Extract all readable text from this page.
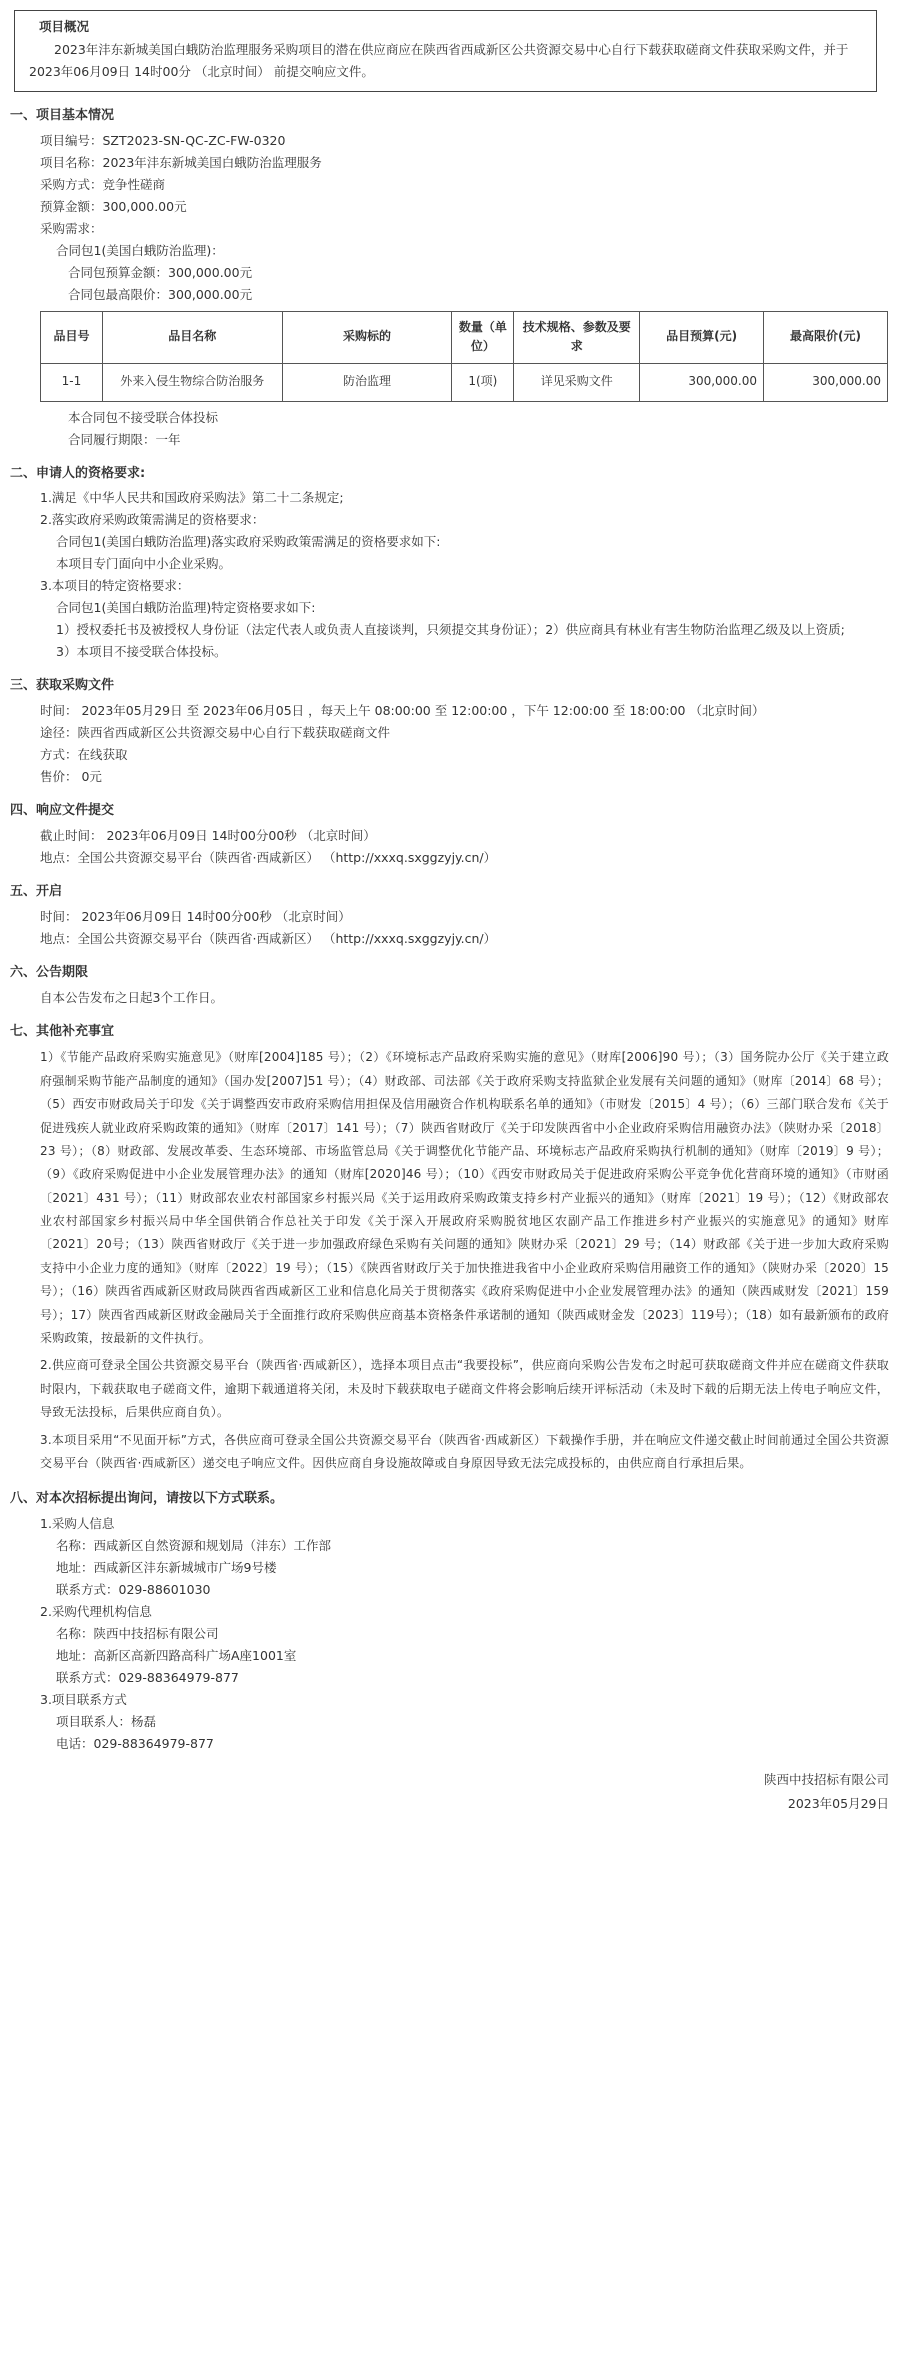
项目概况
2023年沣东新城美国白蛾防治监理服务采购项目的潜在供应商应在陕西省西咸新区公共资源交易中心自行下载获取磋商文件获取采购文件，并于 2023年06月09日 14时00分 （北京时间） 前提交响应文件。
一、项目基本情况
项目编号：SZT2023-SN-QC-ZC-FW-0320
项目名称：2023年沣东新城美国白蛾防治监理服务
采购方式：竞争性磋商
预算金额：300,000.00元
采购需求：
合同包1(美国白蛾防治监理)：
合同包预算金额：300,000.00元
合同包最高限价：300,000.00元
品目号	品目名称	采购标的	数量（单位）	技术规格、参数及要求	品目预算(元)	最高限价(元)
1-1	外来入侵生物综合防治服务	防治监理	1(项)	详见采购文件	300,000.00	300,000.00
本合同包不接受联合体投标
合同履行期限：一年
二、申请人的资格要求:
1.满足《中华人民共和国政府采购法》第二十二条规定;
2.落实政府采购政策需满足的资格要求：
合同包1(美国白蛾防治监理)落实政府采购政策需满足的资格要求如下:
本项目专门面向中小企业采购。
3.本项目的特定资格要求：
合同包1(美国白蛾防治监理)特定资格要求如下:
1）授权委托书及被授权人身份证（法定代表人或负责人直接谈判，只须提交其身份证）；2）供应商具有林业有害生物防治监理乙级及以上资质;
3）本项目不接受联合体投标。
三、获取采购文件
时间： 2023年05月29日 至 2023年06月05日 ，每天上午 08:00:00 至 12:00:00 ，下午 12:00:00 至 18:00:00 （北京时间）
途径：陕西省西咸新区公共资源交易中心自行下载获取磋商文件
方式：在线获取
售价： 0元
四、响应文件提交
截止时间： 2023年06月09日 14时00分00秒 （北京时间）
地点：全国公共资源交易平台（陕西省·西咸新区） （http://xxxq.sxggzyjy.cn/）
五、开启
时间： 2023年06月09日 14时00分00秒 （北京时间）
地点：全国公共资源交易平台（陕西省·西咸新区） （http://xxxq.sxggzyjy.cn/）
六、公告期限
自本公告发布之日起3个工作日。
七、其他补充事宜
1）《节能产品政府采购实施意见》（财库[2004]185 号）；（2）《环境标志产品政府采购实施的意见》（财库[2006]90 号）；（3）国务院办公厅《关于建立政府强制采购节能产品制度的通知》（国办发[2007]51 号）；（4）财政部、司法部《关于政府采购支持监狱企业发展有关问题的通知》（财库〔2014〕68 号）；（5）西安市财政局关于印发《关于调整西安市政府采购信用担保及信用融资合作机构联系名单的通知》（市财发〔2015〕4 号）；（6）三部门联合发布《关于促进残疾人就业政府采购政策的通知》（财库〔2017〕141 号）；（7）陕西省财政厅《关于印发陕西省中小企业政府采购信用融资办法》（陕财办采〔2018〕23 号）；（8）财政部、发展改革委、生态环境部、市场监管总局《关于调整优化节能产品、环境标志产品政府采购执行机制的通知》（财库〔2019〕9 号）；（9）《政府采购促进中小企业发展管理办法》的通知（财库[2020]46 号）；（10）《西安市财政局关于促进政府采购公平竞争优化营商环境的通知》（市财函〔2021〕431 号）；（11）财政部农业农村部国家乡村振兴局《关于运用政府采购政策支持乡村产业振兴的通知》（财库〔2021〕19 号）；（12）《财政部农业农村部国家乡村振兴局中华全国供销合作总社关于印发《关于深入开展政府采购脱贫地区农副产品工作推进乡村产业振兴的实施意见》的通知》财库〔2021〕20号；（13）陕西省财政厅《关于进一步加强政府绿色采购有关问题的通知》陕财办采〔2021〕29 号；（14）财政部《关于进一步加大政府采购支持中小企业力度的通知》（财库〔2022〕19 号）；（15）《陕西省财政厅关于加快推进我省中小企业政府采购信用融资工作的通知》（陕财办采〔2020〕15 号）；（16）陕西省西咸新区财政局陕西省西咸新区工业和信息化局关于贯彻落实《政府采购促进中小企业发展管理办法》的通知（陕西咸财发〔2021〕159号）；17）陕西省西咸新区财政金融局关于全面推行政府采购供应商基本资格条件承诺制的通知（陕西咸财金发〔2023〕119号）；（18）如有最新颁布的政府采购政策，按最新的文件执行。
2.供应商可登录全国公共资源交易平台（陕西省·西咸新区），选择本项目点击“我要投标”，供应商向采购公告发布之时起可获取磋商文件并应在磋商文件获取时限内，下载获取电子磋商文件，逾期下载通道将关闭，未及时下载获取电子磋商文件将会影响后续开评标活动（未及时下载的后期无法上传电子响应文件，导致无法投标，后果供应商自负）。
3.本项目采用“不见面开标”方式，各供应商可登录全国公共资源交易平台（陕西省·西咸新区）下载操作手册，并在响应文件递交截止时间前通过全国公共资源交易平台（陕西省·西咸新区）递交电子响应文件。因供应商自身设施故障或自身原因导致无法完成投标的，由供应商自行承担后果。
八、对本次招标提出询问，请按以下方式联系。
1.采购人信息
名称：西咸新区自然资源和规划局（沣东）工作部
地址：西咸新区沣东新城城市广场9号楼
联系方式：029-88601030
2.采购代理机构信息
名称：陕西中技招标有限公司
地址：高新区高新四路高科广场A座1001室
联系方式：029-88364979-877
3.项目联系方式
项目联系人：杨磊
电话：029-88364979-877
陕西中技招标有限公司
2023年05月29日
